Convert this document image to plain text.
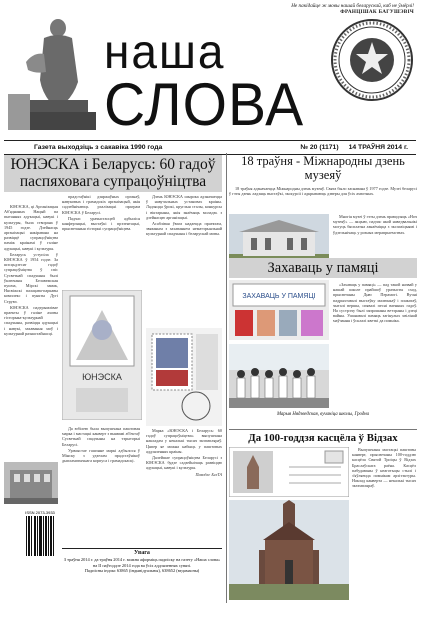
Не пакідайце ж мовы нашай беларускай, каб не ўмёрлі!
ФРАНЦІШАК БАГУШЭВІЧ
наша
СЛОВА
Газета выходзіць з сакавіка 1990 года	№ 20 (1171) 14 ТРАЎНЯ 2014 г.
ЮНЭСКА і Беларусь: 60 гадоў паспяховага супрацоўніцтва

ЮНЭСКА, ці Арганізацыя Аб'яднаных Нацый па пытаннях адукацыі, навукі і культуры, была створана ў 1945 годзе. Дзейнасць арганізацыі накіравана на развіццё супрацоўніцтва паміж краінамі ў галіне адукацыі, навукі і культуры.

Беларусь уступіла ў ЮНЭСКА ў 1954 годзе. За шэсцьдзесят гадоў супрацоўніцтва ў спіс Сусветнай спадчыны былі ўключаны Белавежская пушча, Мірскі замак, Нясвіжскі палацава-паркавы комплекс і пункты Дугі Струвэ.

ЮНЭСКА падтрымлівае праекты ў галіне аховы гісторыка-культурнай спадчыны, развіцця адукацыі і навукі, захавання моў і культурнай разнастайнасці.

ISSN 2073-3933

прадстаўнікі дзяржаўных органаў, навуковых і грамадскіх арганізацый, якія садзейнічаюць рэалізацыі праграм ЮНЭСКА ў Беларусі.

Падчас урачыстасцей адбыліся канферэнцыі, выстаўкі і прэзентацыі, прысвечаныя гісторыі супрацоўніцтва.

Дзень ЮНЭСКА шырока адзначаецца ў навучальных установах краіны. Ладзяцца ўрокі, круглыя сталы, конкурсы і віктарыны, якія знаёмяць моладзь з дзейнасцю арганізацыі.

Асаблівая ўвага надаецца праектам, звязаным з захаваннем нематэрыяльнай культурнай спадчыны і беларускай мовы.

ЮНЭСКА

Да юбілею была выпушчана паштовая марка і мастацкі канверт з выявамі аб'ектаў Сусветнай спадчыны на тэрыторыі Беларусі.

Урачыстае гашэнне маркі адбылося ў Мінску з удзелам прадстаўнікоў дыпламатычнага корпуса і грамадскасці.

Марка «ЮНЭСКА і Беларусь: 60 гадоў супрацоўніцтва» выпушчана накладам у некалькі тысяч экзэмпляраў. Цяпер яе можна набыць у паштовых аддзяленнях краіны.

Далейшае супрацоўніцтва Беларусі з ЮНЭСКА будзе садзейнічаць развіццю адукацыі, навукі і культуры.

Паводле БелТА

Увага
З траўня 2014 г. да траўня 2014 г. можна аформіць падпіску на газету «Наша слова» на II паўгоддзе 2014 года ва ўсіх аддзяленнях сувязі.
Падпісны індэкс 63865 (індывідуальны), 638652 (ведамасны)
18 траўня - Міжнародны дзень музеяў

18 траўня адзначаецца Міжнародны дзень музеяў. Свята было заснавана ў 1977 годзе. Музеі беларусі ў гэты дзень ладзяць выстаўкі, экскурсіі і адкрываюць дзверы для ўсіх ахвотных.

Многія музеі ў гэты дзень праводзяць «Ноч музеяў» — акцыю, падчас якой наведвальнікі могуць бясплатна азнаёміцца з экспазіцыямі і ўдзельнічаць у розных мерапрыемствах.

Захаваць у памяці
ЗАХАВАЦЬ У ПАМЯЦІ

«Захаваць у памяці» — пад такой назвай у нашай школе прайшоў урачысты сход, прысвечаны Дню Перамогі. Вучні падрыхтавалі выстаўку малюнкаў і плакатаў, чыталі вершы, спявалі песні ваенных гадоў. На сустрэчу былі запрошаны ветэраны і дзеці вайны. Ушанавалі памяць загінулых хвілінай маўчання і ўсклалі кветкі да помніка.

Марыя Нядзведская, вучаніца школы, Гродна
Да 100-годдзя касцёла ў Відзах

Выпушчаны мастацкі паштовы канверт, прысвечаны 100-годдзю касцёла Святой Троіцы ў Відзах Браслаўскага раёна. Касцёл пабудаваны ў неаготыцы стылі і з'яўляецца помнікам архітэктуры. Наклад канверта — некалькі тысяч экзэмпляраў.
